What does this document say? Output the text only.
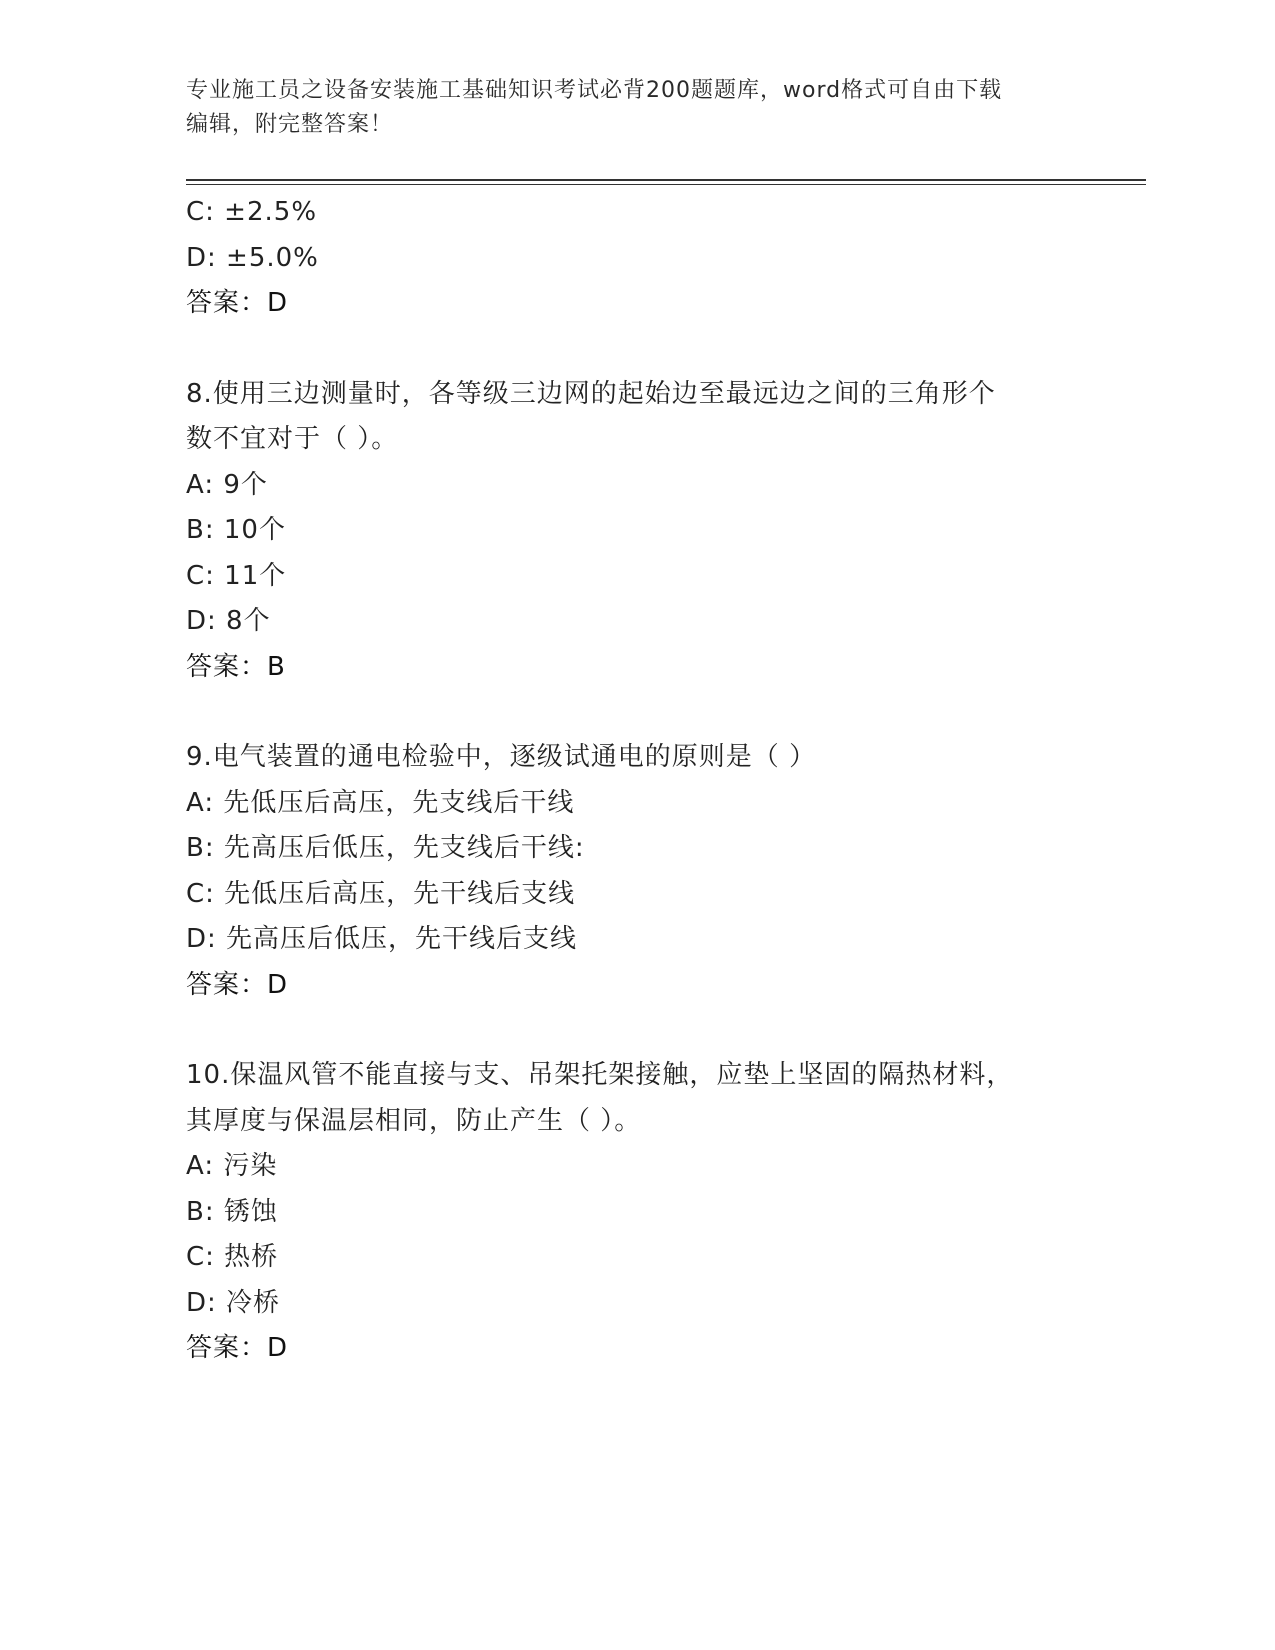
专业施工员之设备安装施工基础知识考试必背200题题库，word格式可自由下载
编辑，附完整答案！
C: ±2.5%
D: ±5.0%
答案：D
8.使用三边测量时，各等级三边网的起始边至最远边之间的三角形个
数不宜对于（ ）。
A: 9个
B: 10个
C: 11个
D: 8个
答案：B
9.电气装置的通电检验中，逐级试通电的原则是（ ）
A: 先低压后高压，先支线后干线
B: 先高压后低压，先支线后干线:
C: 先低压后高压，先干线后支线
D: 先高压后低压，先干线后支线
答案：D
10.保温风管不能直接与支、吊架托架接触，应垫上坚固的隔热材料，
其厚度与保温层相同，防止产生（ ）。
A: 污染
B: 锈蚀
C: 热桥
D: 冷桥
答案：D
